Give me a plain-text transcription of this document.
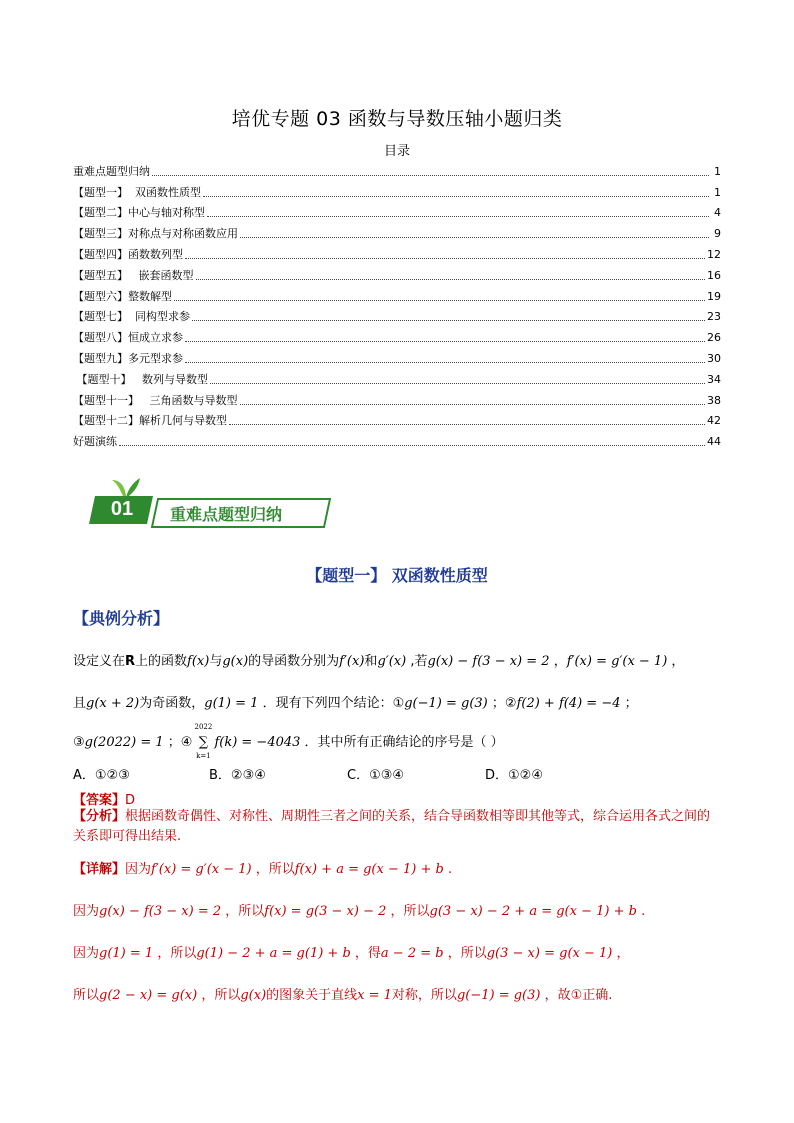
培优专题 03 函数与导数压轴小题归类
目录
重难点题型归纳	1
【题型一】  双函数性质型	1
【题型二】中心与轴对称型	4
【题型三】对称点与对称函数应用	9
【题型四】函数数列型	12
【题型五】   嵌套函数型	16
【题型六】整数解型	19
【题型七】  同构型求参	23
【题型八】恒成立求参	26
【题型九】多元型求参	30
【题型十】   数列与导数型	34
【题型十一】   三角函数与导数型	38
【题型十二】解析几何与导数型	42
好题演练	44
01	重难点题型归纳
【题型一】 双函数性质型
【典例分析】
设定义在R上的函数f(x)与g(x)的导函数分别为f′(x)和g′(x) ,若g(x) − f(3 − x) = 2 ，f′(x) = g′(x − 1) ，
且g(x + 2)为奇函数，g(1) = 1 ．现有下列四个结论：①g(−1) = g(3) ；②f(2) + f(4) = −4 ；
③g(2022) = 1 ；④
2022
∑
k=1
f(k) = −4043 ．其中所有正确结论的序号是（ ）
A．①②③	B．②③④	C．①③④	D．①②④
【答案】D
【分析】根据函数奇偶性、对称性、周期性三者之间的关系，结合导函数相等即其他等式，综合运用各式之间的关系即可得出结果.
【详解】因为f′(x) = g′(x − 1) ，所以f(x) + a = g(x − 1) + b .
因为g(x) − f(3 − x) = 2 ，所以f(x) = g(3 − x) − 2 ，所以g(3 − x) − 2 + a = g(x − 1) + b .
因为g(1) = 1 ，所以g(1) − 2 + a = g(1) + b ，得a − 2 = b ，所以g(3 − x) = g(x − 1) ，
所以g(2 − x) = g(x) ，所以g(x)的图象关于直线x = 1对称，所以g(−1) = g(3) ，故①正确.
